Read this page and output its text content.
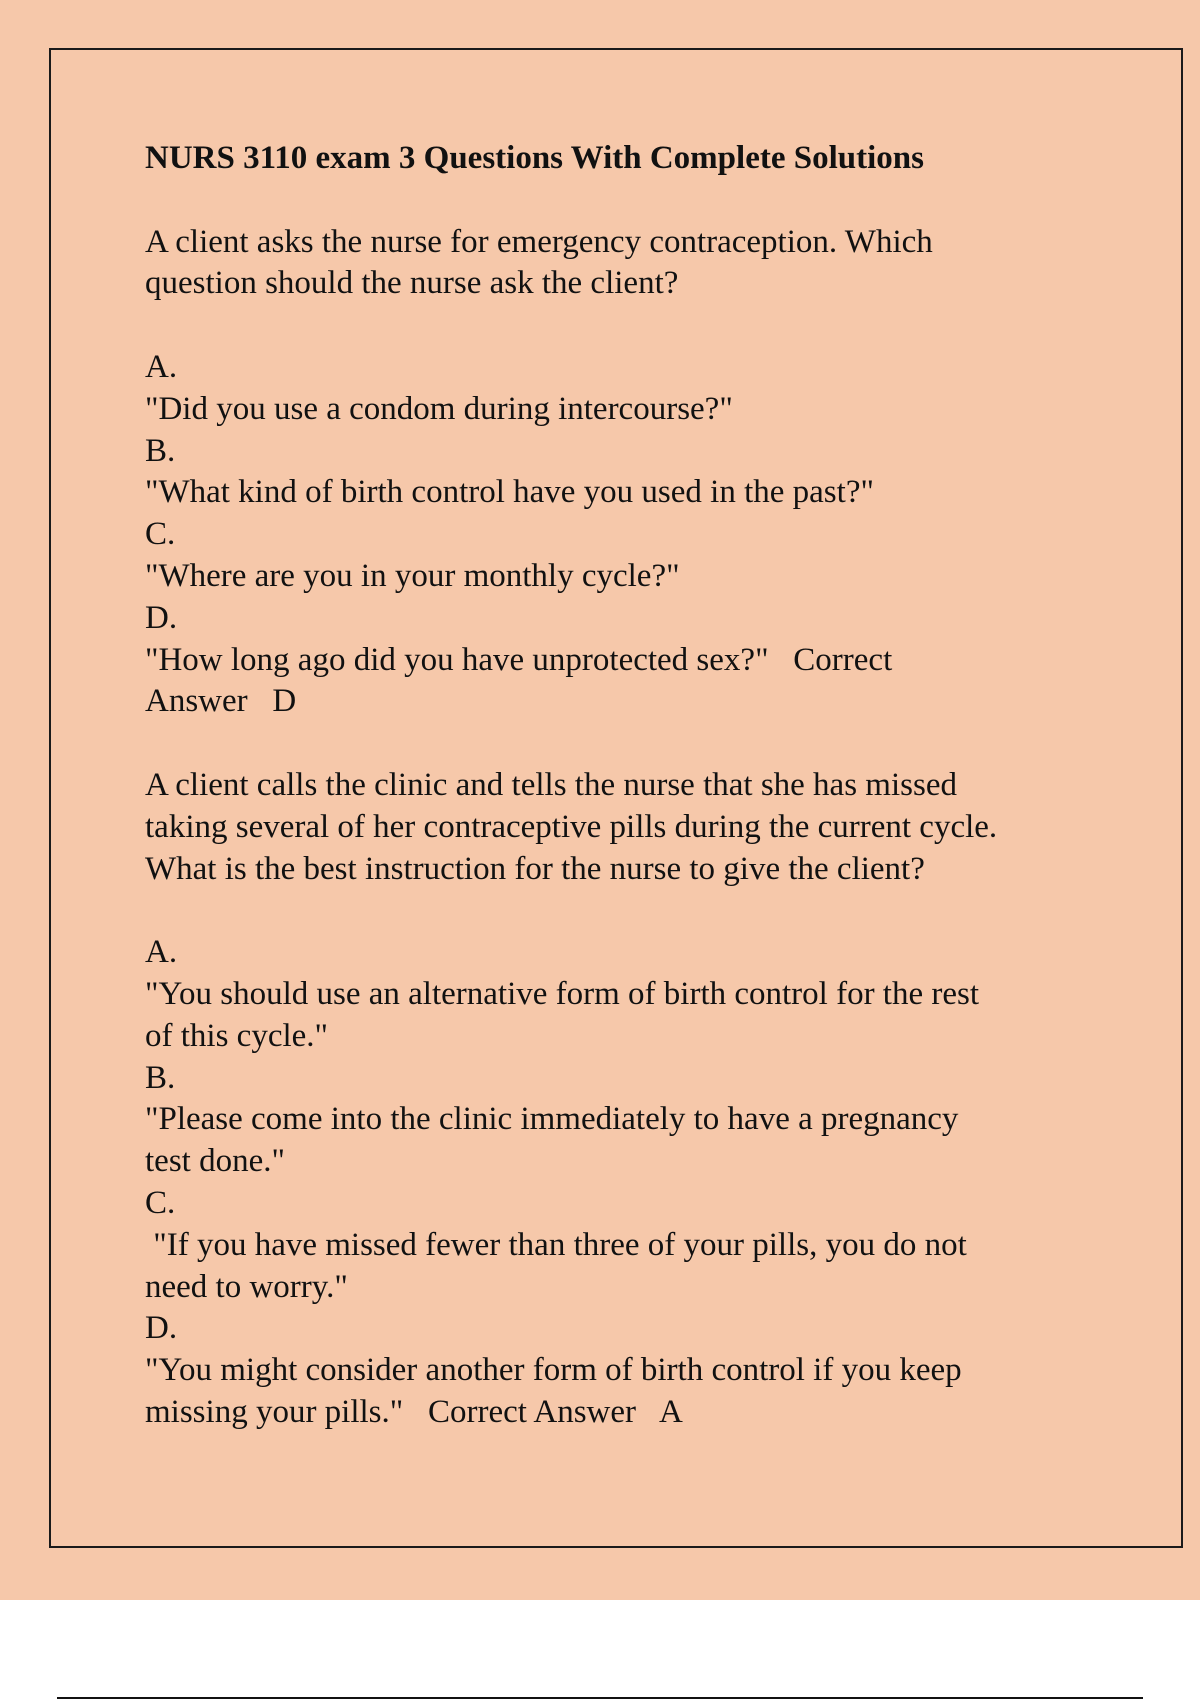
NURS 3110 exam 3 Questions With Complete Solutions

A client asks the nurse for emergency contraception. Which
question should the nurse ask the client?
A.
"Did you use a condom during intercourse?"
B.
"What kind of birth control have you used in the past?"
C.
"Where are you in your monthly cycle?"
D.
"How long ago did you have unprotected sex?"   Correct
Answer   D
A client calls the clinic and tells the nurse that she has missed
taking several of her contraceptive pills during the current cycle.
What is the best instruction for the nurse to give the client?
A.
"You should use an alternative form of birth control for the rest
of this cycle."
B.
"Please come into the clinic immediately to have a pregnancy
test done."
C.
"If you have missed fewer than three of your pills, you do not
need to worry."
D.
"You might consider another form of birth control if you keep
missing your pills."   Correct Answer   A
